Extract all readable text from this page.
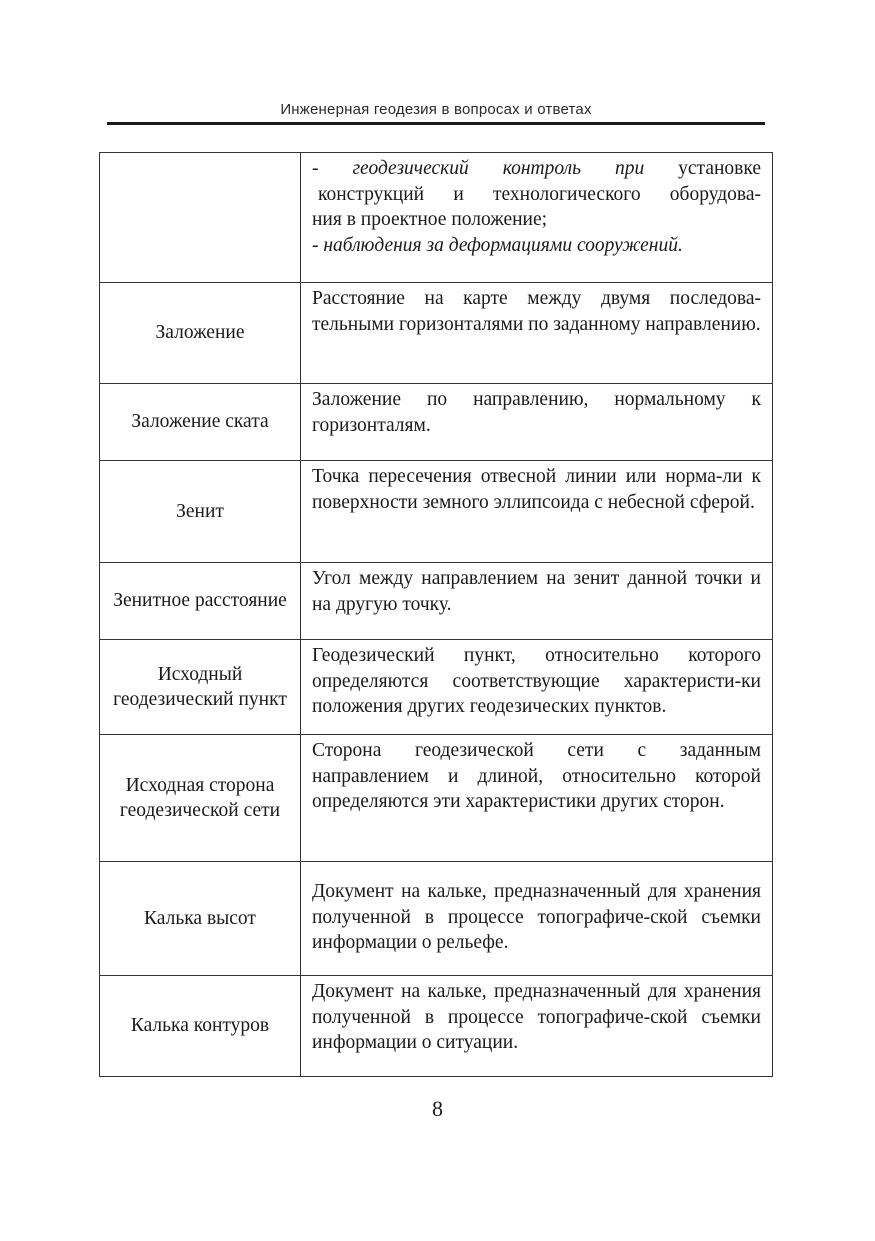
Инженерная геодезия в вопросах и ответах

	- геодезический контроль при установке
конструкций и технологического оборудова-
ния в проектное положение;
- наблюдения за деформациями сооружений.

Заложение	Расстояние на карте между двумя последова-тельными горизонталями по заданному направлению.

Заложение ската	Заложение по направлению, нормальному к горизонталям.

Зенит	Точка пересечения отвесной линии или норма-ли к поверхности земного эллипсоида с небесной сферой.

Зенитное расстояние	Угол между направлением на зенит данной точки и на другую точку.

Исходный геодезический пункт	Геодезический пункт, относительно которого определяются соответствующие характеристи-ки положения других геодезических пунктов.

Исходная сторона геодезической сети	Сторона геодезической сети с заданным направлением и длиной, относительно которой определяются эти характеристики других сторон.

Калька высот	Документ на кальке, предназначенный для хранения полученной в процессе топографиче-ской съемки информации о рельефе.

Калька контуров	Документ на кальке, предназначенный для хранения полученной в процессе топографиче-ской съемки информации о ситуации.
8
